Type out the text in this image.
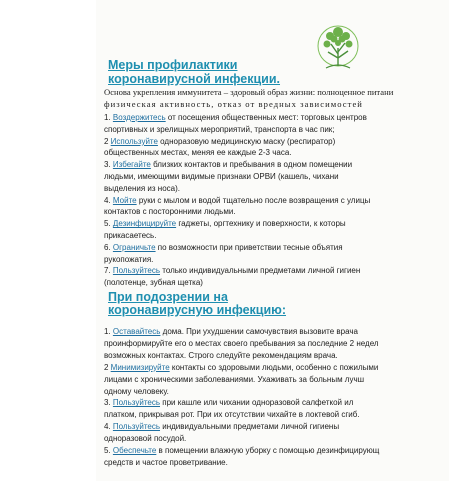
Меры профилактики
коронавирусной инфекции.
Основа укрепления иммунитета – здоровый образ жизни: полноценное питани
физическая активность, отказ от вредных зависимостей
1. Воздержитесь от посещения общественных мест: торговых центров
спортивных и зрелищных мероприятий, транспорта в час пик;
2 Используйте одноразовую медицинскую маску (респиратор)
общественных местах, меняя ее каждые 2-3 часа.
3. Избегайте близких контактов и пребывания в одном помещении
людьми, имеющими видимые признаки ОРВИ (кашель, чихани
выделения из носа).
4. Мойте руки с мылом и водой тщательно после возвращения с улицы
контактов с посторонними людьми.
5. Дезинфицируйте гаджеты, оргтехнику и поверхности, к которы
прикасаетесь.
6. Ограничьте по возможности при приветствии тесные объятия
рукопожатия.
7. Пользуйтесь только индивидуальными предметами личной гигиен
(полотенце, зубная щетка)
При подозрении на
коронавирусную инфекцию:
1. Оставайтесь дома. При ухудшении самочувствия вызовите врача
проинформируйте его о местах своего пребывания за последние 2 недел
возможных контактах. Строго следуйте рекомендациям врача.
2 Минимизируйте контакты со здоровыми людьми, особенно с пожилыми
лицами с хроническими заболеваниями. Ухаживать за больным лучш
одному человеку.
3. Пользуйтесь при кашле или чихании одноразовой салфеткой ил
платком, прикрывая рот. При их отсутствии чихайте в локтевой сгиб.
4. Пользуйтесь индивидуальными предметами личной гигиены
одноразовой посудой.
5. Обеспечьте в помещении влажную уборку с помощью дезинфицирующ
средств и частое проветривание.
